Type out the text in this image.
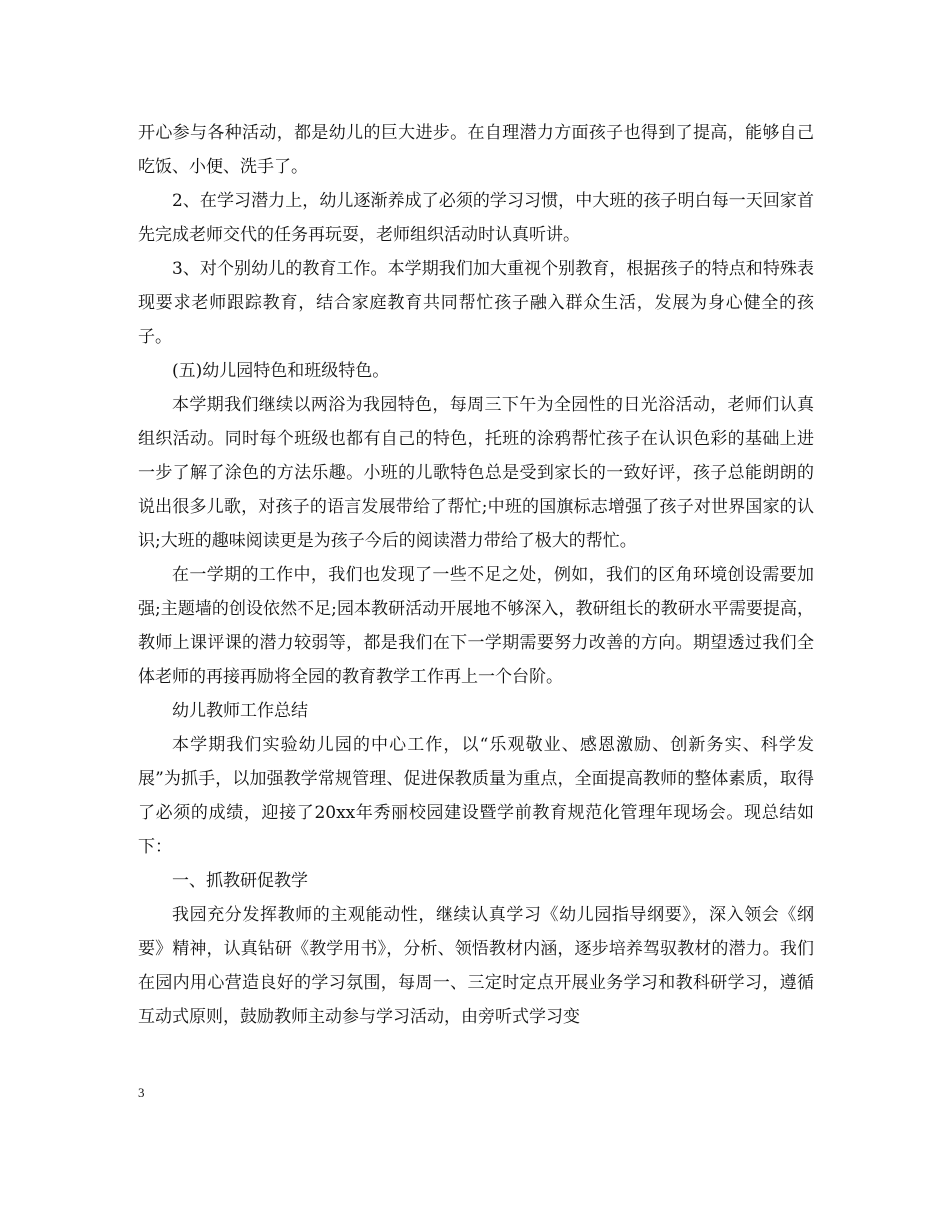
开心参与各种活动，都是幼儿的巨大进步。在自理潜力方面孩子也得到了提高，能够自己吃饭、小便、洗手了。

2、在学习潜力上，幼儿逐渐养成了必须的学习习惯，中大班的孩子明白每一天回家首先完成老师交代的任务再玩耍，老师组织活动时认真听讲。

3、对个别幼儿的教育工作。本学期我们加大重视个别教育，根据孩子的特点和特殊表现要求老师跟踪教育，结合家庭教育共同帮忙孩子融入群众生活，发展为身心健全的孩子。

(五)幼儿园特色和班级特色。

本学期我们继续以两浴为我园特色，每周三下午为全园性的日光浴活动，老师们认真组织活动。同时每个班级也都有自己的特色，托班的涂鸦帮忙孩子在认识色彩的基础上进一步了解了涂色的方法乐趣。小班的儿歌特色总是受到家长的一致好评，孩子总能朗朗的说出很多儿歌，对孩子的语言发展带给了帮忙;中班的国旗标志增强了孩子对世界国家的认识;大班的趣味阅读更是为孩子今后的阅读潜力带给了极大的帮忙。

在一学期的工作中，我们也发现了一些不足之处，例如，我们的区角环境创设需要加强;主题墙的创设依然不足;园本教研活动开展地不够深入，教研组长的教研水平需要提高，教师上课评课的潜力较弱等，都是我们在下一学期需要努力改善的方向。期望透过我们全体老师的再接再励将全园的教育教学工作再上一个台阶。

幼儿教师工作总结

本学期我们实验幼儿园的中心工作，以“乐观敬业、感恩激励、创新务实、科学发展”为抓手，以加强教学常规管理、促进保教质量为重点，全面提高教师的整体素质，取得了必须的成绩，迎接了20xx年秀丽校园建设暨学前教育规范化管理年现场会。现总结如下：

一、抓教研促教学

我园充分发挥教师的主观能动性，继续认真学习《幼儿园指导纲要》，深入领会《纲要》精神，认真钻研《教学用书》，分析、领悟教材内涵，逐步培养驾驭教材的潜力。我们在园内用心营造良好的学习氛围，每周一、三定时定点开展业务学习和教科研学习，遵循互动式原则，鼓励教师主动参与学习活动，由旁听式学习变

3
